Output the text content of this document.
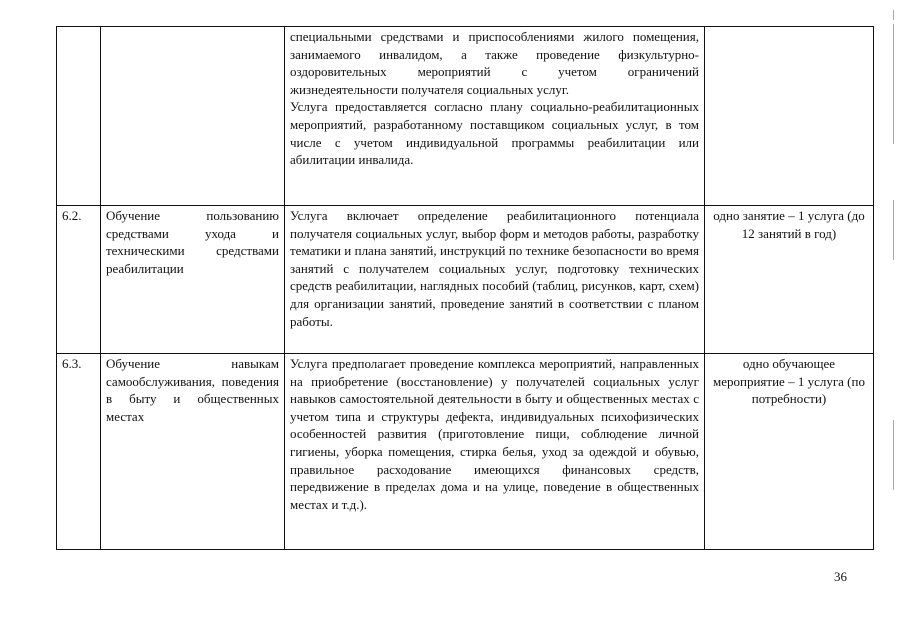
		специальными средствами и приспособлениями жилого помещения, занимаемого инвалидом, а также проведение физкультурно-оздоровительных мероприятий с учетом ограничений жизнедеятельности получателя социальных услуг.

Услуга предоставляется согласно плану социально-реабилитационных мероприятий, разработанному поставщиком социальных услуг, в том числе с учетом индивидуальной программы реабилитации или абилитации инвалида.	

6.2.	Обучение пользованию средствами ухода и техническими средствами реабилитации	Услуга включает определение реабилитационного потенциала получателя социальных услуг, выбор форм и методов работы, разработку тематики и плана занятий, инструкций по технике безопасности во время занятий с получателем социальных услуг, подготовку технических средств реабилитации, наглядных пособий (таблиц, рисунков, карт, схем) для организации занятий, проведение занятий в соответствии с планом работы.	одно занятие – 1 услуга (до 12 занятий в год)
6.3.	Обучение навыкам самообслуживания, поведения в быту и общественных местах	Услуга предполагает проведение комплекса мероприятий, направленных на приобретение (восстановление) у получателей социальных услуг навыков самостоятельной деятельности в быту и общественных местах с учетом типа и структуры дефекта, индивидуальных психофизических особенностей развития (приготовление пищи, соблюдение личной гигиены, уборка помещения, стирка белья, уход за одеждой и обувью, правильное расходование имеющихся финансовых средств, передвижение в пределах дома и на улице, поведение в общественных местах и т.д.).	одно обучающее мероприятие – 1 услуга (по потребности)
36
